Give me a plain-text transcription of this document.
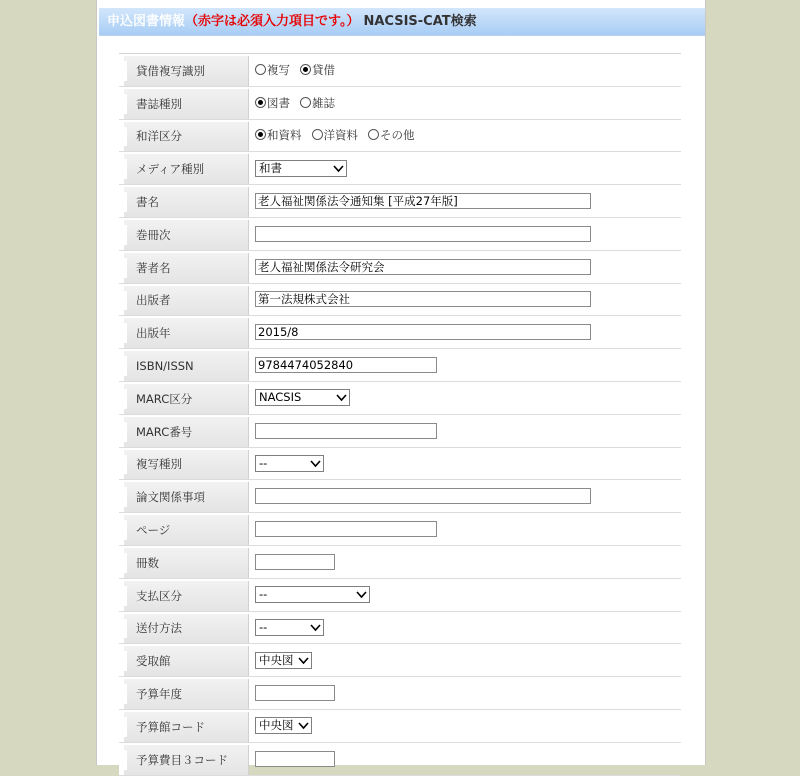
申込図書情報（赤字は必須入力項目です。） NACSIS-CAT検索
貸借複写識別	複写	貸借
書誌種別	図書	雑誌
和洋区分	和資料	洋資料	その他
メディア種別	和書
書名	老人福祉関係法令通知集 [平成27年版]
巻冊次
著者名	老人福祉関係法令研究会
出版者	第一法規株式会社
出版年	2015/8
ISBN/ISSN	9784474052840
MARC区分	NACSIS
MARC番号
複写種別	--
論文関係事項
ページ
冊数
支払区分	--
送付方法	--
受取館	中央図
予算年度
予算館コード	中央図
予算費目３コード
